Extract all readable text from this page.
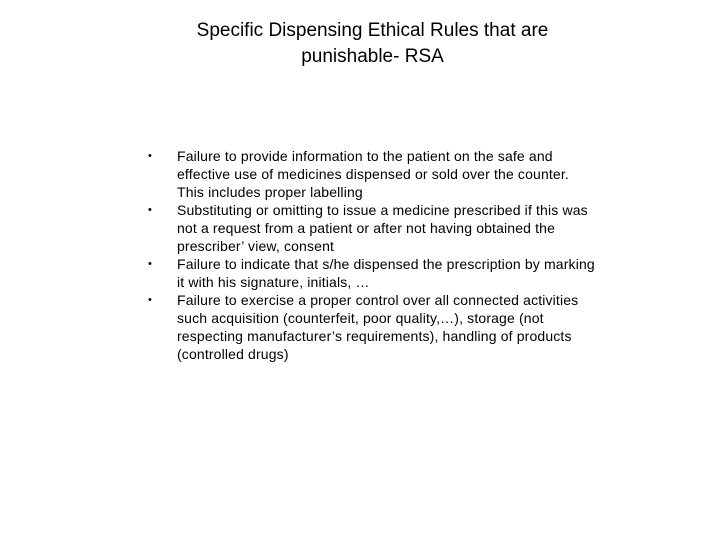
Specific Dispensing Ethical Rules that are
punishable- RSA
•	Failure to provide information to the patient on the safe and effective use of medicines dispensed or sold over the counter. This includes proper labelling
•	Substituting or omitting to issue a medicine prescribed if this was not a request from a patient or after not having obtained the prescriber’ view, consent
•	Failure to indicate that s/he dispensed the prescription by marking it with his signature, initials, …
•	Failure to exercise a proper control over all connected activities such acquisition (counterfeit, poor quality,…), storage (not respecting manufacturer’s requirements), handling of products (controlled drugs)
